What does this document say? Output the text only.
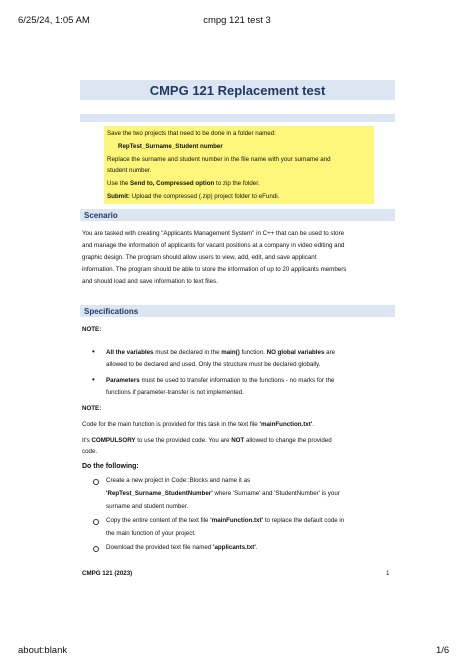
6/25/24, 1:05 AM	cmpg 121 test 3
CMPG 121 Replacement test
Save the two projects that need to be done in a folder named:
RepTest_Surname_Student number
Replace the surname and student number in the file name with your surname and
student number.
Use the Send to, Compressed option to zip the folder.
Submit: Upload the compressed (.zip) project folder to eFundi.
Scenario
You are tasked with creating "Applicants Management System" in C++ that can be used to store
and manage the information of applicants for vacant positions at a company in video editing and
graphic design. The program should allow users to view, add, edit, and save applicant
information. The program should be able to store the information of up to 20 applicants members
and should load and save information to text files.
Specifications
NOTE:
• All the variables must be declared in the main() function. NO global variables are
allowed to be declared and used. Only the structure must be declared globally.
• Parameters must be used to transfer information to the functions - no marks for the
functions if parameter-transfer is not implemented.
NOTE:
Code for the main function is provided for this task in the text file 'mainFunction.txt'.
It's COMPULSORY to use the provided code. You are NOT allowed to change the provided
code.
Do the following:
Create a new project in Code::Blocks and name it as
'RepTest_Surname_StudentNumber' where 'Surname' and 'StudentNumber' is your
surname and student number.
Copy the entire content of the text file 'mainFunction.txt' to replace the default code in
the main function of your project.
Download the provided text file named 'applicants.txt'.
CMPG 121 (2023)	1
about:blank	1/6
